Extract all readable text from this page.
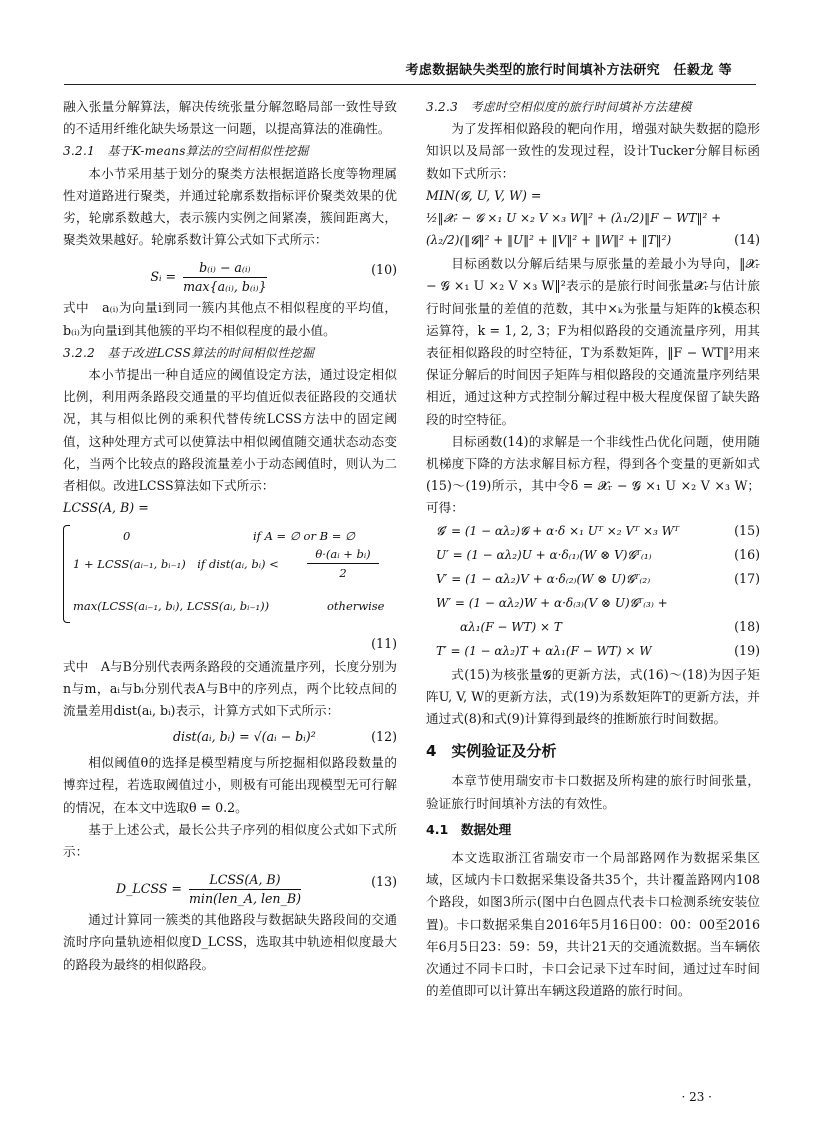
考虑数据缺失类型的旅行时间填补方法研究　任毅龙 等

融入张量分解算法，解决传统张量分解忽略局部一致性导致的不适用纤维化缺失场景这一问题，以提高算法的准确性。

3.2.1　基于K-means算法的空间相似性挖掘

本小节采用基于划分的聚类方法根据道路长度等物理属性对道路进行聚类，并通过轮廓系数指标评价聚类效果的优劣，轮廓系数越大，表示簇内实例之间紧凑，簇间距离大，聚类效果越好。轮廓系数计算公式如下式所示：

Sᵢ = $\frac{\text{b₍ᵢ₎ − a₍ᵢ₎}}{\text{max\{a₍ᵢ₎, b₍ᵢ₎\}}}$	(10)

式中　a₍ᵢ₎为向量i到同一簇内其他点不相似程度的平均值，b₍ᵢ₎为向量i到其他簇的平均不相似程度的最小值。

3.2.2　基于改进LCSS算法的时间相似性挖掘

本小节提出一种自适应的阈值设定方法，通过设定相似比例，利用两条路段交通量的平均值近似表征路段的交通状况，其与相似比例的乘积代替传统LCSS方法中的固定阈值，这种处理方式可以使算法中相似阈值随交通状态动态变化，当两个比较点的路段流量差小于动态阈值时，则认为二者相似。改进LCSS算法如下式所示：

LCSS(A, B) =

0	if A = ∅ or B = ∅
1 + LCSS(aᵢ₋₁, bᵢ₋₁)　if dist(aᵢ, bᵢ) < $\frac{\text{θ·(aᵢ + bᵢ)}}{2}$
max(LCSS(aᵢ₋₁, bᵢ), LCSS(aᵢ, bᵢ₋₁))	otherwise

(11)

式中　A与B分别代表两条路段的交通流量序列，长度分别为n与m，aᵢ与bᵢ分别代表A与B中的序列点，两个比较点间的流量差用dist(aᵢ, bᵢ)表示，计算方式如下式所示：

dist(aᵢ, bᵢ) = √(aᵢ − bᵢ)²	(12)

相似阈值θ的选择是模型精度与所挖掘相似路段数量的博弈过程，若选取阈值过小，则极有可能出现模型无可行解的情况，在本文中选取θ = 0.2。

基于上述公式，最长公共子序列的相似度公式如下式所示：

D_LCSS = $\frac{\text{LCSS(A, B)}}{\text{min(len\_A, len\_B)}}$	(13)

通过计算同一簇类的其他路段与数据缺失路段间的交通流时序向量轨迹相似度D_LCSS，选取其中轨迹相似度最大的路段为最终的相似路段。

3.2.3　考虑时空相似度的旅行时间填补方法建模

为了发挥相似路段的靶向作用，增强对缺失数据的隐形知识以及局部一致性的发现过程，设计Tucker分解目标函数如下式所示：

MIN(𝓖, U, V, W) =

½‖𝓧ᵣ − 𝓖 ×₁ U ×₂ V ×₃ W‖² + (λ₁/2)‖F − WT‖² +

(λ₂/2)(‖𝓖‖² + ‖U‖² + ‖V‖² + ‖W‖² + ‖T‖²)	(14)

目标函数以分解后结果与原张量的差最小为导向，‖𝓧ᵣ − 𝓖 ×₁ U ×₂ V ×₃ W‖²表示的是旅行时间张量𝓧ᵣ与估计旅行时间张量的差值的范数，其中×ₖ为张量与矩阵的k模态积运算符，k = 1, 2, 3；F为相似路段的交通流量序列，用其表征相似路段的时空特征，T为系数矩阵，‖F − WT‖²用来保证分解后的时间因子矩阵与相似路段的交通流量序列结果相近，通过这种方式控制分解过程中极大程度保留了缺失路段的时空特征。

目标函数(14)的求解是一个非线性凸优化问题，使用随机梯度下降的方法求解目标方程，得到各个变量的更新如式(15)～(19)所示，其中令δ = 𝓧ᵣ − 𝓖 ×₁ U ×₂ V ×₃ W；可得：

𝓖′ = (1 − αλ₂)𝓖 + α·δ ×₁ Uᵀ ×₂ Vᵀ ×₃ Wᵀ	(15)
U′ = (1 − αλ₂)U + α·δ₍₁₎(W ⊗ V)𝓖ᵀ₍₁₎	(16)
V′ = (1 − αλ₂)V + α·δ₍₂₎(W ⊗ U)𝓖ᵀ₍₂₎	(17)
W′ = (1 − αλ₂)W + α·δ₍₃₎(V ⊗ U)𝓖ᵀ₍₃₎ +
αλ₁(F − WT) × T	(18)
T′ = (1 − αλ₂)T + αλ₁(F − WT) × W	(19)

式(15)为核张量𝓖的更新方法，式(16)～(18)为因子矩阵U, V, W的更新方法，式(19)为系数矩阵T的更新方法，并通过式(8)和式(9)计算得到最终的推断旅行时间数据。

4　实例验证及分析

本章节使用瑞安市卡口数据及所构建的旅行时间张量，验证旅行时间填补方法的有效性。

4.1　数据处理

本文选取浙江省瑞安市一个局部路网作为数据采集区域，区域内卡口数据采集设备共35个，共计覆盖路网内108个路段，如图3所示(图中白色圆点代表卡口检测系统安装位置)。卡口数据采集自2016年5月16日00：00：00至2016年6月5日23：59：59，共计21天的交通流数据。当车辆依次通过不同卡口时，卡口会记录下过车时间，通过过车时间的差值即可以计算出车辆这段道路的旅行时间。

· 23 ·
